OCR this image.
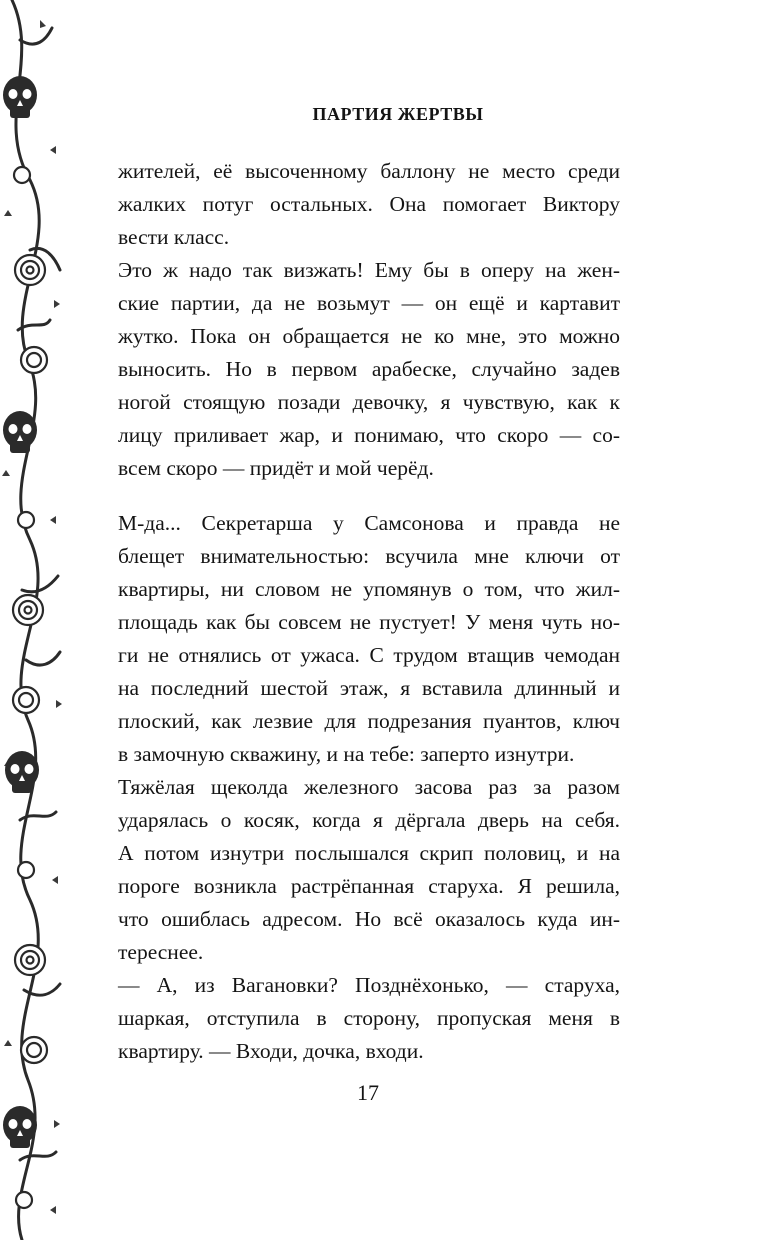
ПАРТИЯ ЖЕРТВЫ
жителей, её высоченному баллону не место среди
жалких потуг остальных. Она помогает Виктору
вести класс.
Это ж надо так визжать! Ему бы в оперу на жен-
ские партии, да не возьмут — он ещё и картавит
жутко. Пока он обращается не ко мне, это можно
выносить. Но в первом арабеске, случайно задев
ногой стоящую позади девочку, я чувствую, как к
лицу приливает жар, и понимаю, что скоро — со-
всем скоро — придёт и мой черёд.
М-да... Секретарша у Самсонова и правда не
блещет внимательностью: всучила мне ключи от
квартиры, ни словом не упомянув о том, что жил-
площадь как бы совсем не пустует! У меня чуть но-
ги не отнялись от ужаса. С трудом втащив чемодан
на последний шестой этаж, я вставила длинный и
плоский, как лезвие для подрезания пуантов, ключ
в замочную скважину, и на тебе: заперто изнутри.
Тяжёлая щеколда железного засова раз за разом
ударялась о косяк, когда я дёргала дверь на себя.
А потом изнутри послышался скрип половиц, и на
пороге возникла растрёпанная старуха. Я решила,
что ошиблась адресом. Но всё оказалось куда ин-
тереснее.
— А, из Вагановки? Позднёхонько, — старуха,
шаркая, отступила в сторону, пропуская меня в
квартиру. — Входи, дочка, входи.
17
